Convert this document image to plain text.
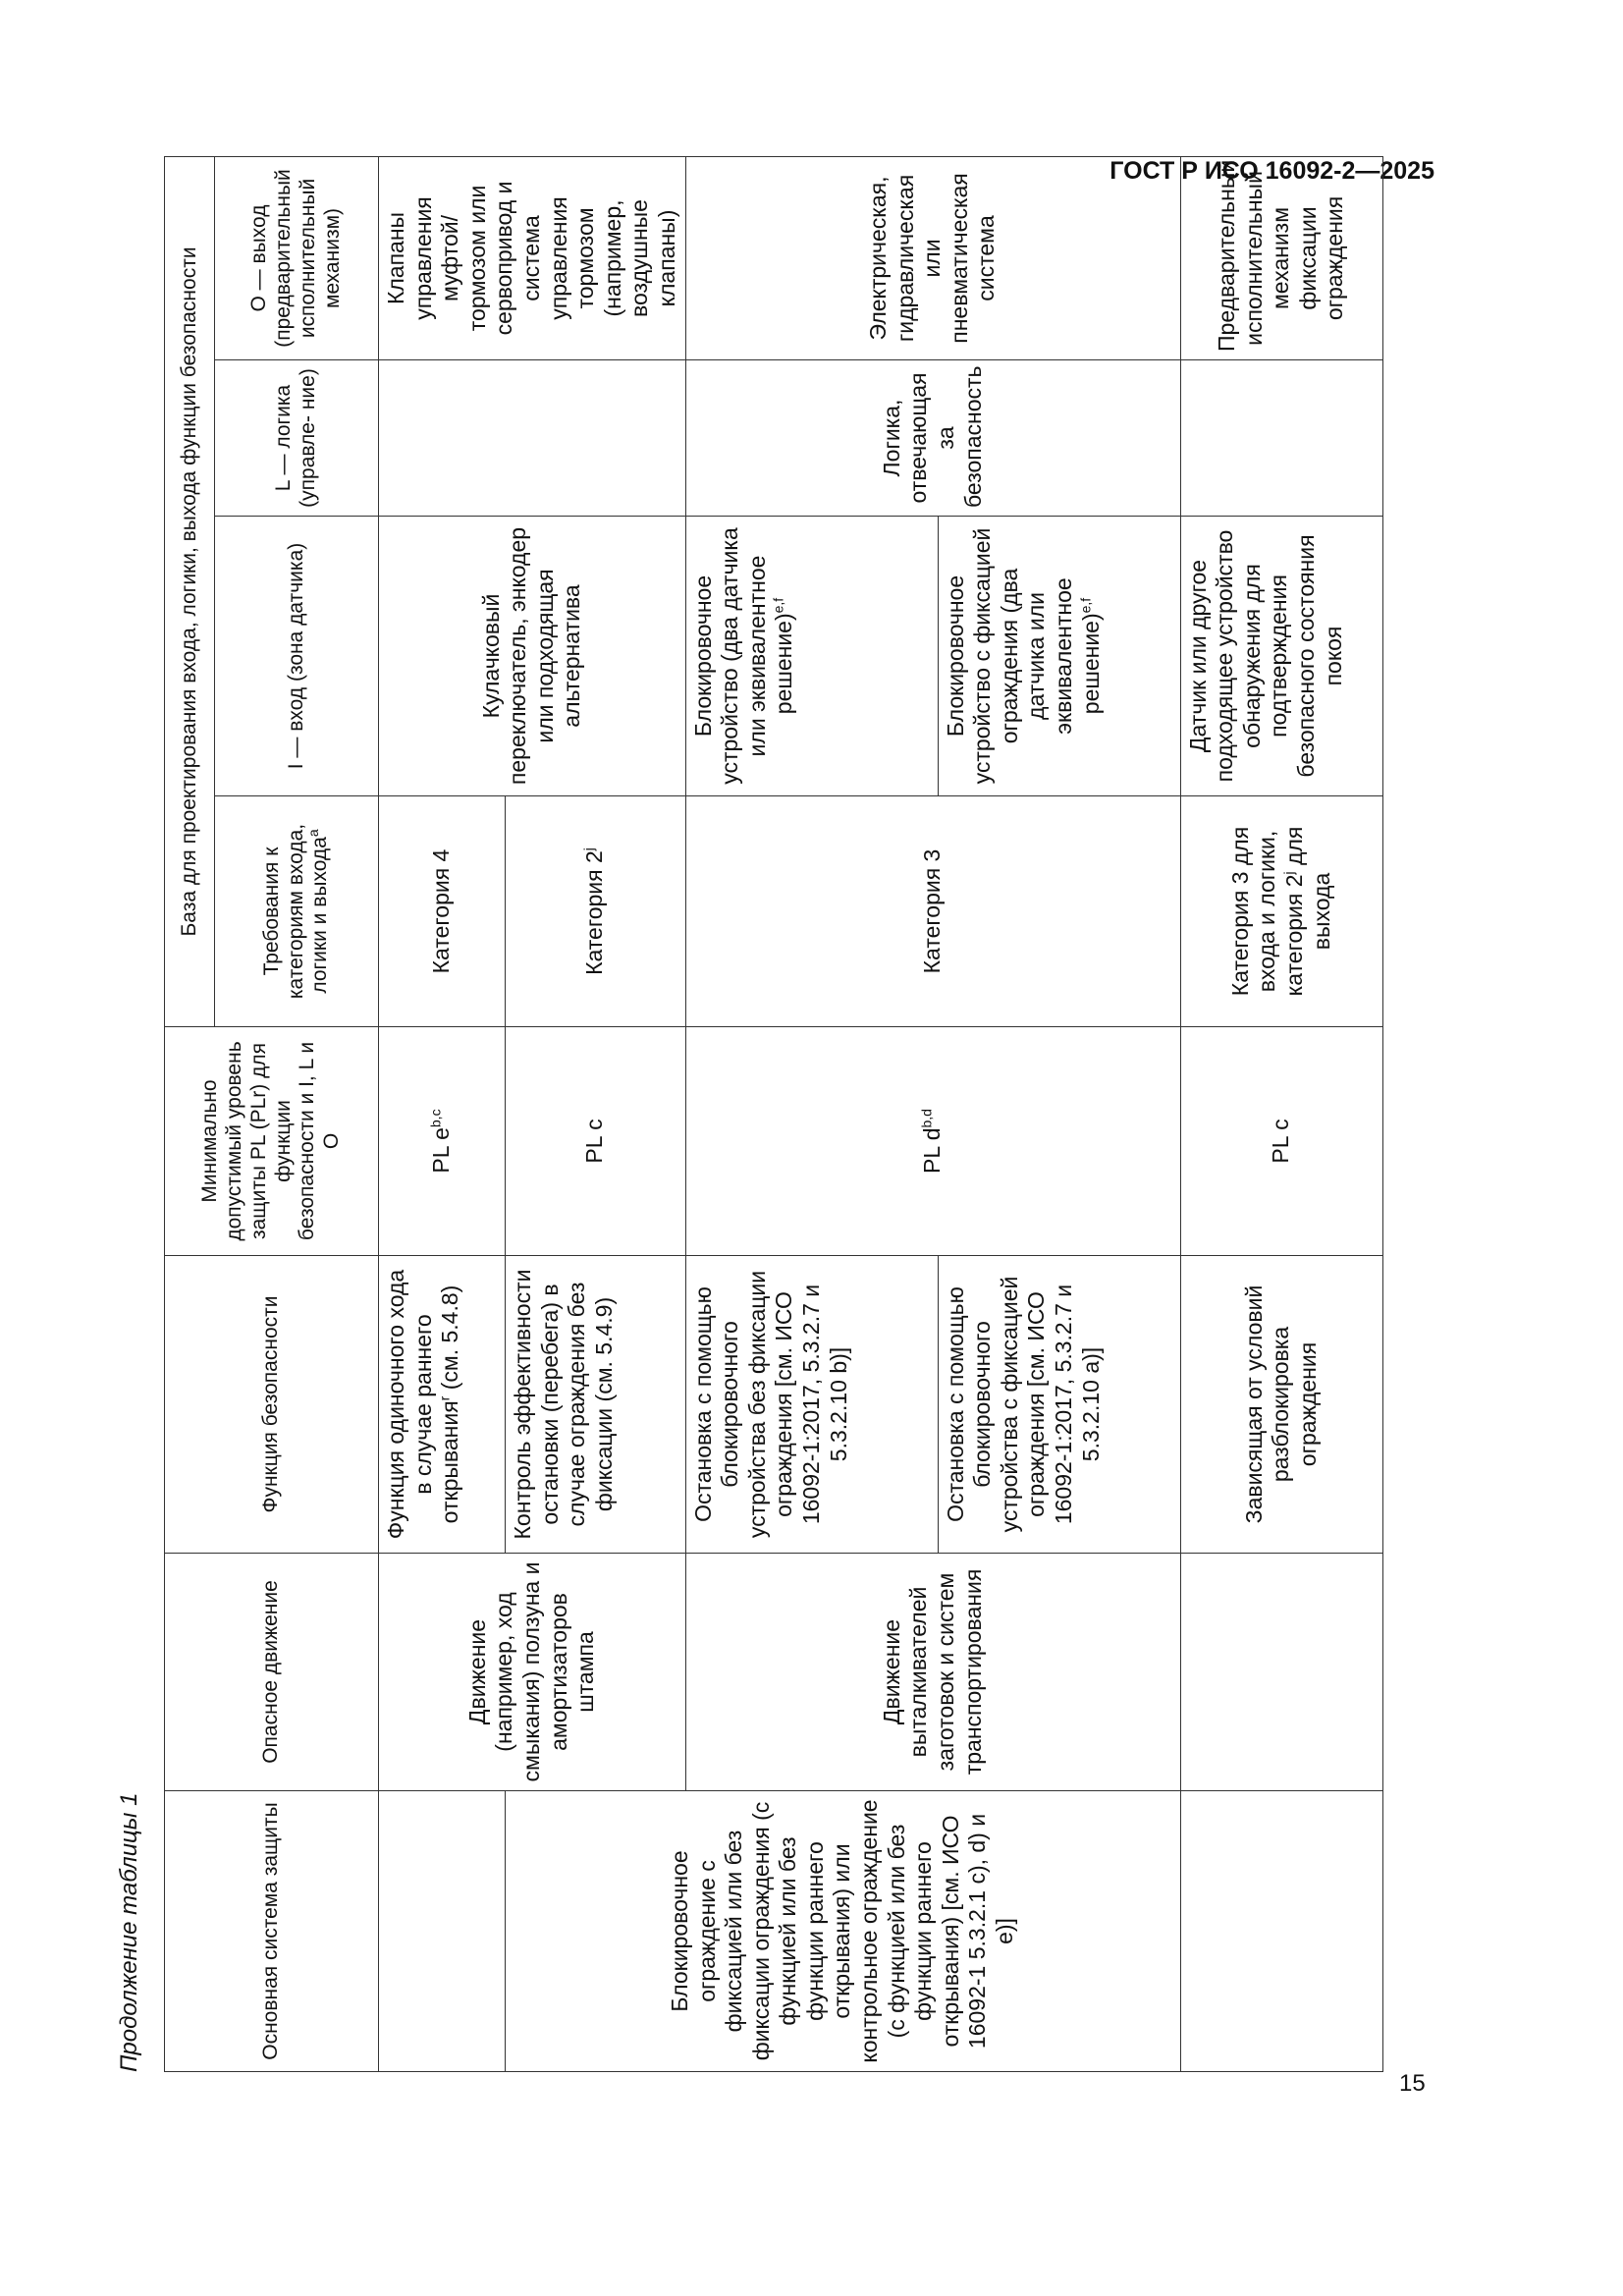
ГОСТ Р ИСО 16092-2—2025
Продолжение таблицы 1	Основная система защиты	Опасное движение	Функция безопасности	Минимально допустимый уровень защиты PL (PLr) для функции безопасности и I, L и O	База для проектирования входа, логики, выхода функции безопасности			
				Требования к категориям входа, логики и выхода$^a$	I — вход (зона датчика)	L — логика (управле- ние)	O — выход (предварительный исполнительный механизм)
	Движение (например, ход смыкания) ползуна и амортизаторов штампа	Функция одиночного хода в случае раннего открывания$^r$ (см. 5.4.8)	PL $e^{b,c}$	Категория 4	Кулачковый переключатель, энкодер или подходящая альтернатива		Клапаны управления муфтой/тормозом или сервопривод и система управления тормозом (например, воздушные клапаны)
Блокировочное ограждение с фиксацией или без фиксации ограждения (с функцией или без функции раннего открывания) или контрольное ограждение (с функцией или без функции раннего открывания) [см. ИСО 16092-1 5.3.2.1 с), d) и е)]		Контроль эффективности остановки (перебега) в случае ограждения без фиксации (см. 5.4.9)	PL c	Категория 2$^j$
	Движение выталкивателей заготовок и систем транспортирования	Остановка с помощью блокировочного устройства без фиксации ограждения [см. ИСО 16092-1:2017, 5.3.2.7 и 5.3.2.10 b)]	PL $d^{b,d}$	Категория 3	Блокировочное устройство (два датчика или эквивалентное решение)$^{e,f}$	Логика, отвечающая за безопасность	Электрическая, гидравлическая или пневматическая система
		Остановка с помощью блокировочного устройства с фиксацией ограждения [см. ИСО 16092-1:2017, 5.3.2.7 и 5.3.2.10 а)]			Блокировочное устройство с фиксацией ограждения (два датчика или эквивалентное решение)$^{e,f}$
		Зависящая от условий разблокировка ограждения	PL c	Категория 3 для входа и логики, категория 2$^j$ для выхода	Датчик или другое подходящее устройство обнаружения для подтверждения безопасного состояния покоя		Предварительный исполнительный механизм фиксации ограждения
15
